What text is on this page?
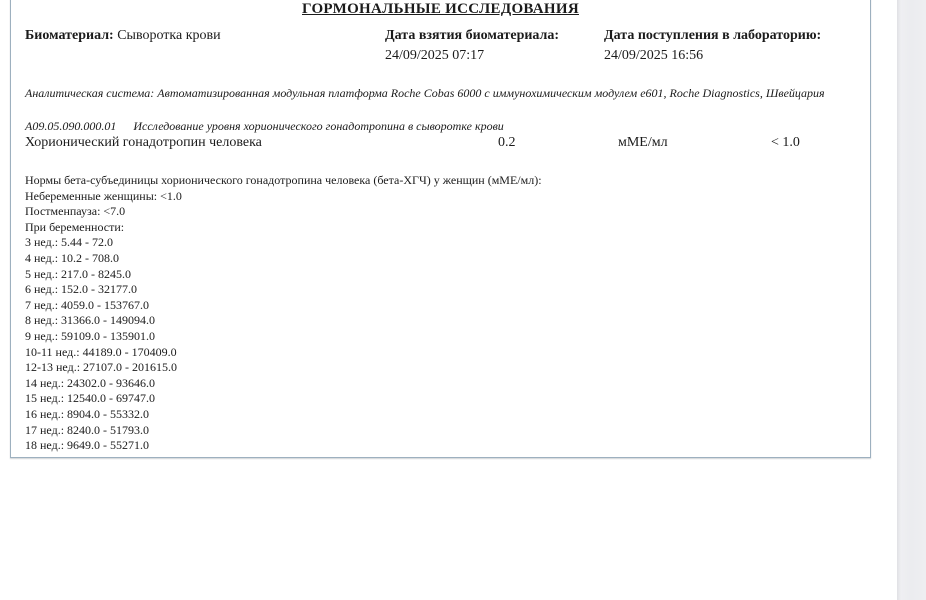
ГОРМОНАЛЬНЫЕ ИССЛЕДОВАНИЯ
Биоматериал: Сыворотка крови	Дата взятия биоматериала:
24/09/2025 07:17
Дата поступления в лабораторию:
24/09/2025 16:56
Аналитическая система: Автоматизированная модульная платформа Roche Cobas 6000 с иммунохимическим модулем e601, Roche Diagnostics, Швейцария
A09.05.090.000.01 Исследование уровня хорионического гонадотропина в сыворотке крови
Хорионический гонадотропин человека	0.2	мМЕ/мл	< 1.0
Нормы бета-субъединицы хорионического гонадотропина человека (бета-ХГЧ) у женщин (мМЕ/мл):
Небеременные женщины: <1.0
Постменпауза: <7.0
При беременности:
3 нед.: 5.44 - 72.0
4 нед.: 10.2 - 708.0
5 нед.: 217.0 - 8245.0
6 нед.: 152.0 - 32177.0
7 нед.: 4059.0 - 153767.0
8 нед.: 31366.0 - 149094.0
9 нед.: 59109.0 - 135901.0
10-11 нед.: 44189.0 - 170409.0
12-13 нед.: 27107.0 - 201615.0
14 нед.: 24302.0 - 93646.0
15 нед.: 12540.0 - 69747.0
16 нед.: 8904.0 - 55332.0
17 нед.: 8240.0 - 51793.0
18 нед.: 9649.0 - 55271.0
